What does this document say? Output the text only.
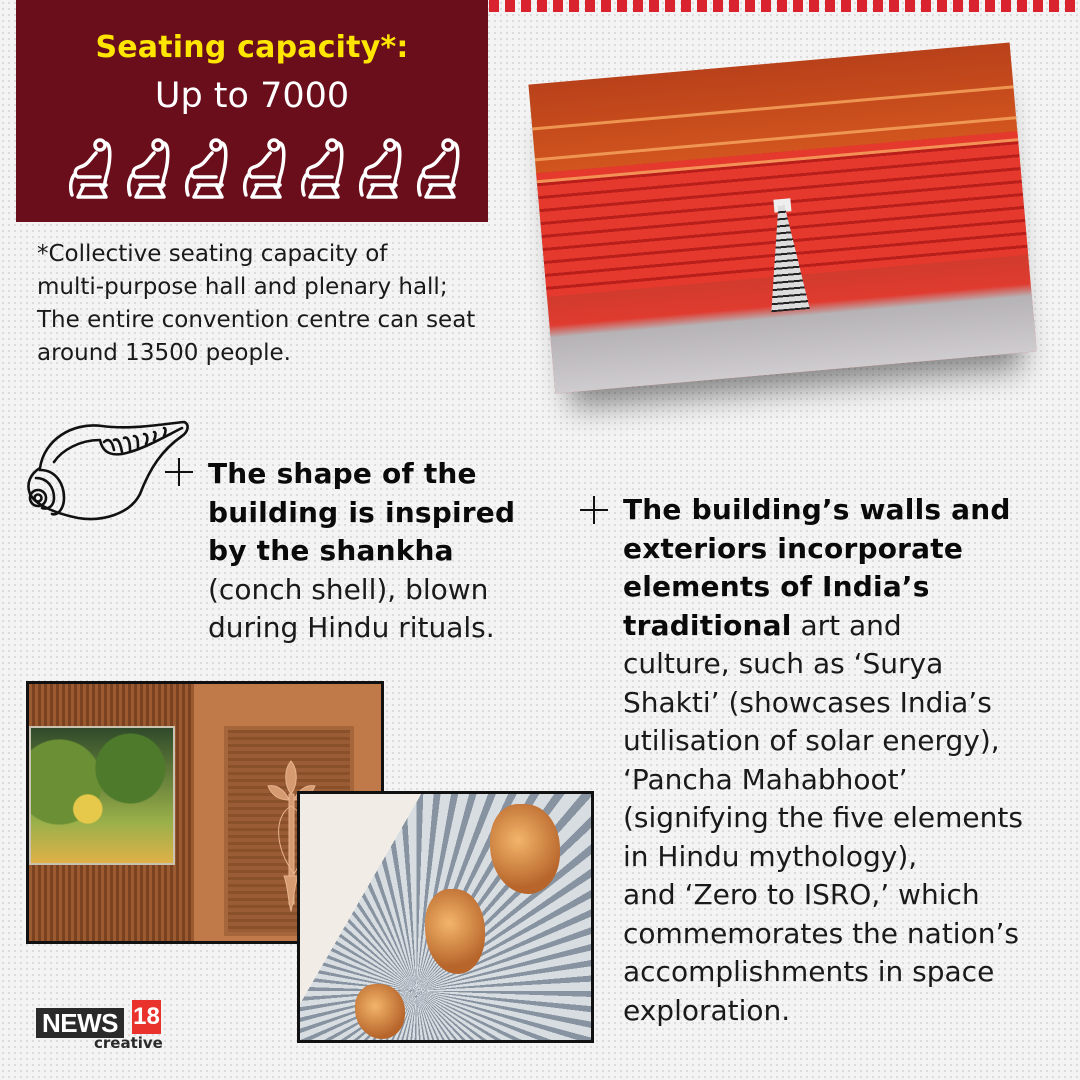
Seating capacity*:
Up to 7000
*Collective seating capacity of
multi-purpose hall and plenary hall;
The entire convention centre can seat
around 13500 people.
The shape of the
building is inspired
by the shankha
(conch shell), blown
during Hindu rituals.
The building’s walls and
exteriors incorporate
elements of India’s
traditional art and
culture, such as ‘Surya
Shakti’ (showcases India’s
utilisation of solar energy),
‘Pancha Mahabhoot’
(signifying the five elements
in Hindu mythology),
and ‘Zero to ISRO,’ which
commemorates the nation’s
accomplishments in space
exploration.
NEWS 18
creative
